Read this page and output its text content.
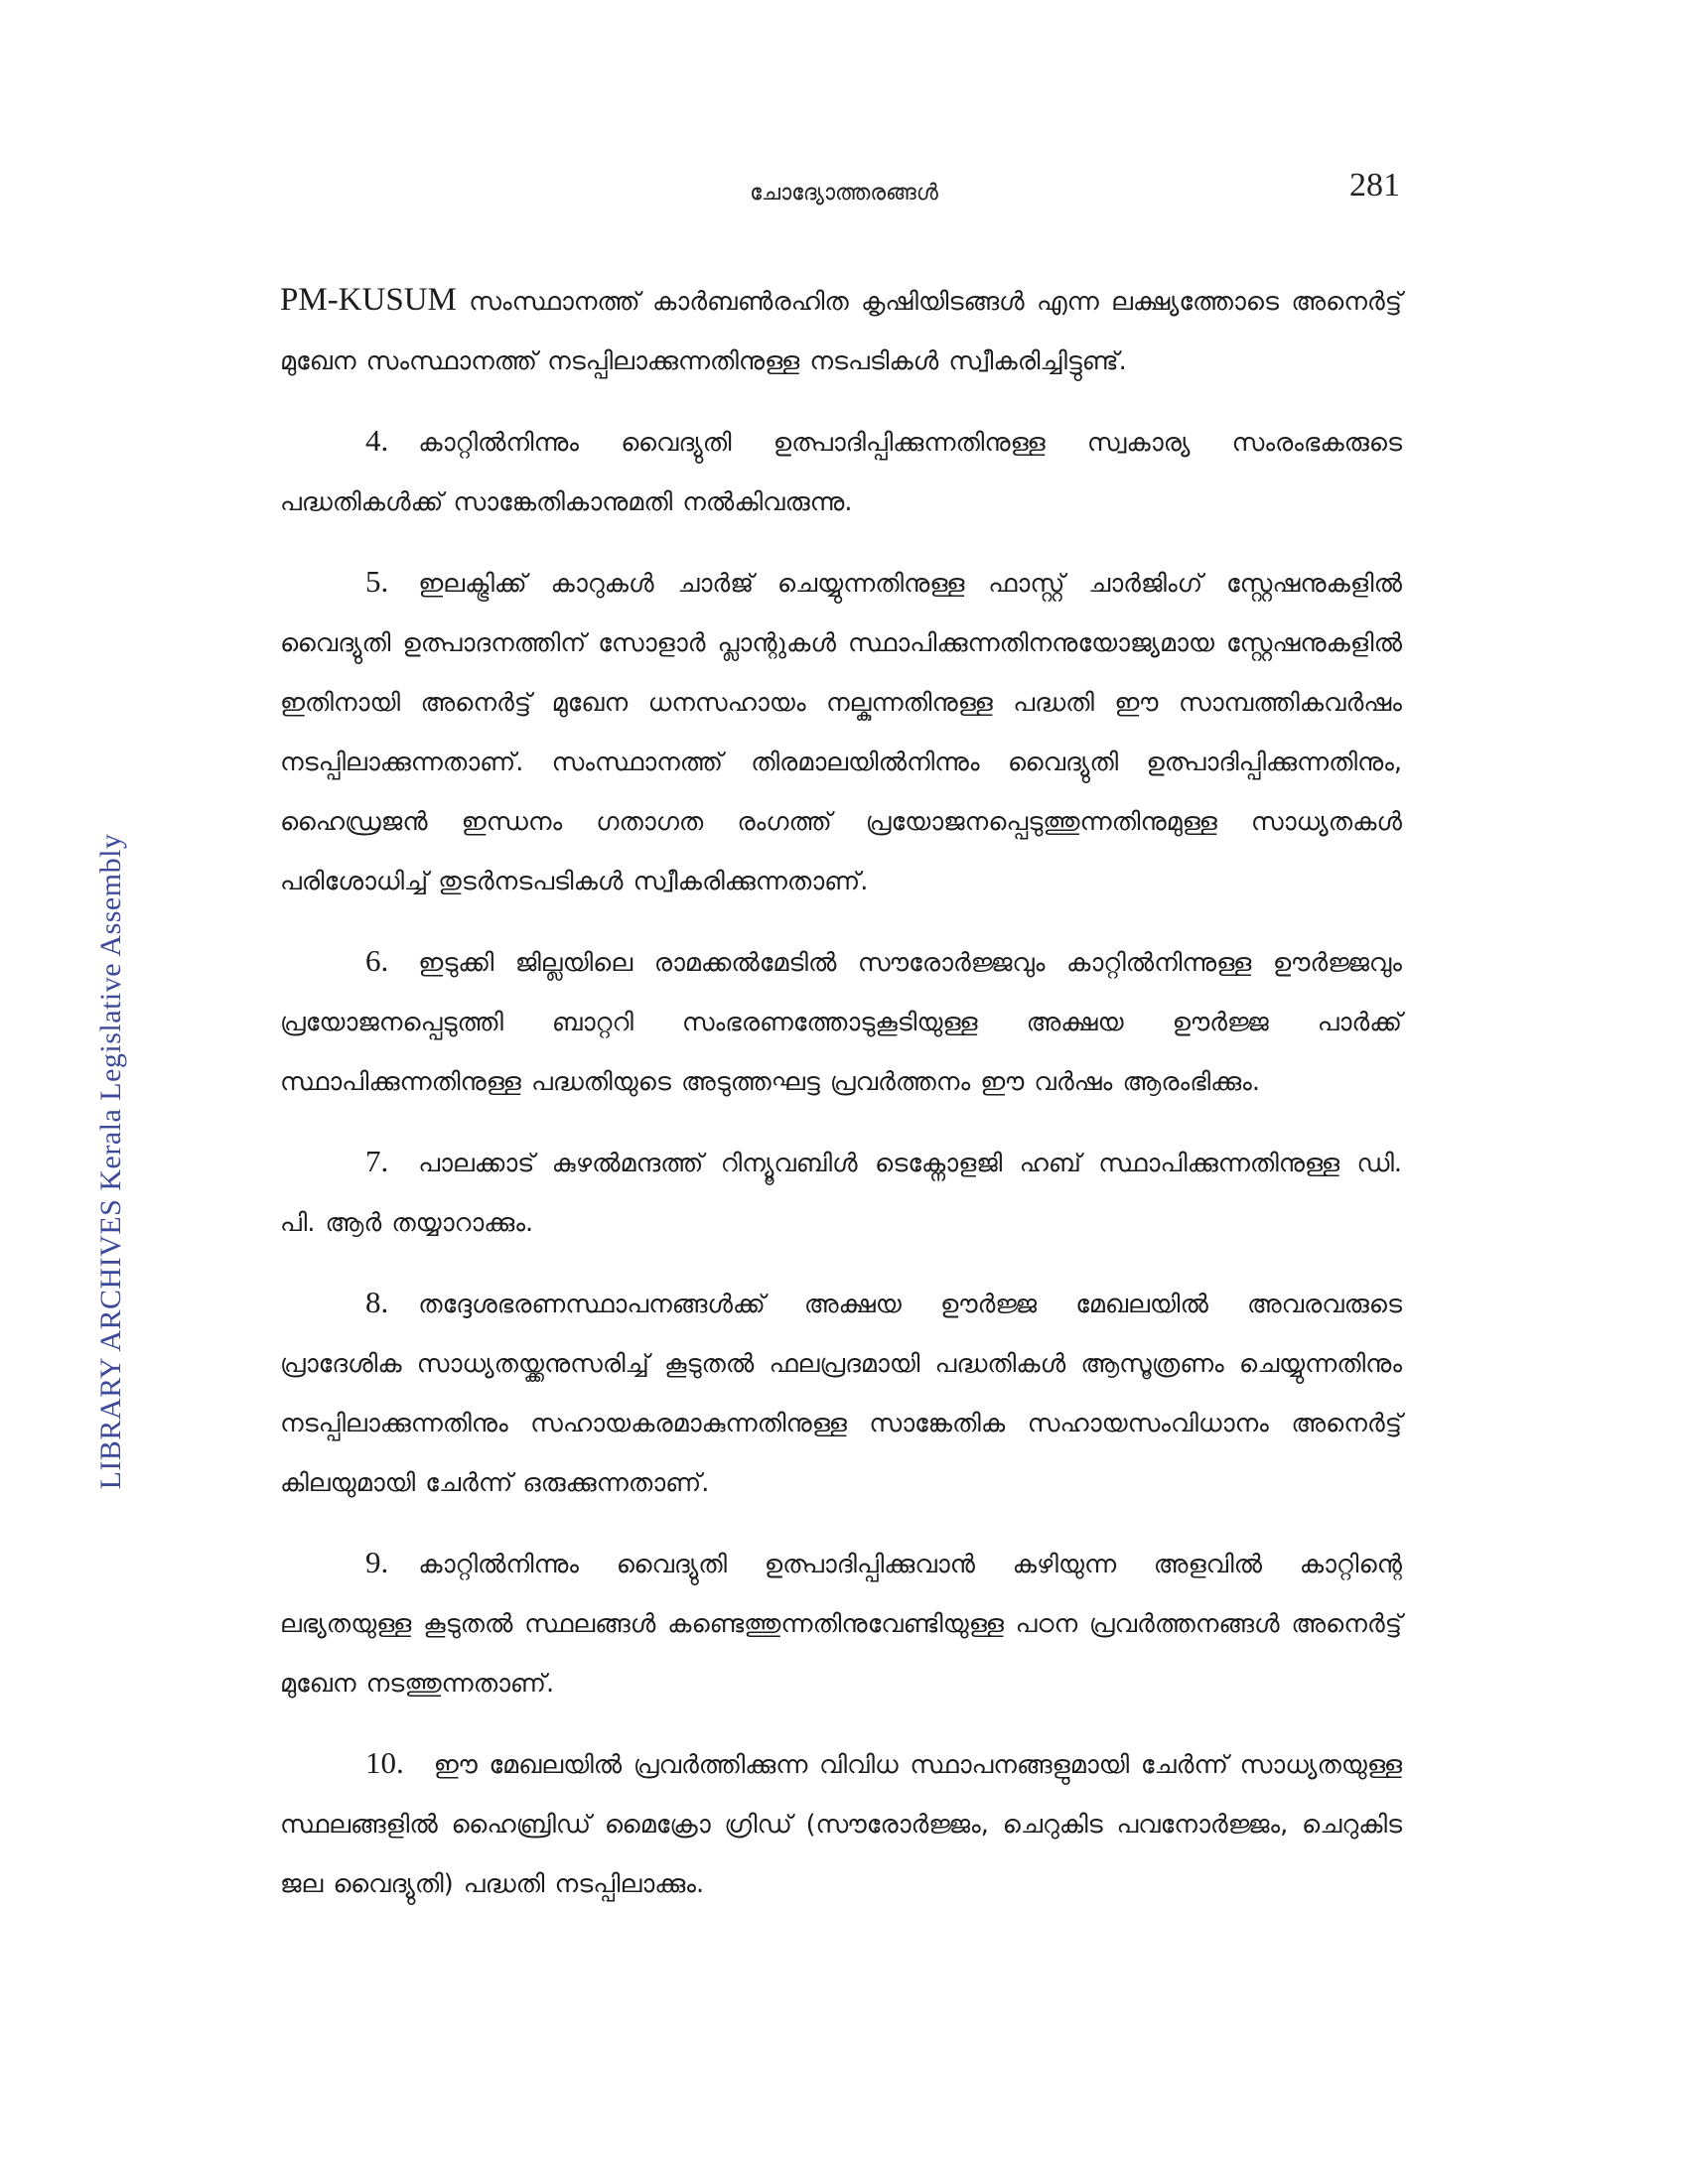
ചോദ്യോത്തരങ്ങൾ	281
LIBRARY ARCHIVES Kerala Legislative Assembly

PM-KUSUM സംസ്ഥാനത്ത് കാർബൺരഹിത കൃഷിയിടങ്ങൾ എന്ന ലക്ഷ്യത്തോടെ അനെർട്ട് മുഖേന സംസ്ഥാനത്ത് നടപ്പിലാക്കുന്നതിനുള്ള നടപടികൾ സ്വീകരിച്ചിട്ടുണ്ട്.

4. കാറ്റിൽനിന്നും വൈദ്യുതി ഉത്പാദിപ്പിക്കുന്നതിനുള്ള സ്വകാര്യ സംരംഭകരുടെ പദ്ധതികൾക്ക് സാങ്കേതികാനുമതി നൽകിവരുന്നു.

5. ഇലക്ട്രിക്ക് കാറുകൾ ചാർജ് ചെയ്യുന്നതിനുള്ള ഫാസ്റ്റ് ചാർജിംഗ് സ്റ്റേഷനുകളിൽ വൈദ്യുതി ഉത്പാദനത്തിന് സോളാർ പ്ലാന്റുകൾ സ്ഥാപിക്കുന്നതിനനുയോജ്യമായ സ്റ്റേഷനുകളിൽ ഇതിനായി അനെർട്ട് മുഖേന ധനസഹായം നല്കുന്നതിനുള്ള പദ്ധതി ഈ സാമ്പത്തികവർഷം നടപ്പിലാക്കുന്നതാണ്. സംസ്ഥാനത്ത് തിരമാലയിൽനിന്നും വൈദ്യുതി ഉത്പാദിപ്പിക്കുന്നതിനും, ഹൈഡ്രജൻ ഇന്ധനം ഗതാഗത രംഗത്ത് പ്രയോജനപ്പെടുത്തുന്നതിനുമുള്ള സാധ്യതകൾ പരിശോധിച്ച് തുടർനടപടികൾ സ്വീകരിക്കുന്നതാണ്.

6. ഇടുക്കി ജില്ലയിലെ രാമക്കൽമേടിൽ സൗരോർജ്ജവും കാറ്റിൽനിന്നുള്ള ഊർജ്ജവും പ്രയോജനപ്പെടുത്തി ബാറ്ററി സംഭരണത്തോടുകൂടിയുള്ള അക്ഷയ ഊർജ്ജ പാർക്ക് സ്ഥാപിക്കുന്നതിനുള്ള പദ്ധതിയുടെ അടുത്തഘട്ട പ്രവർത്തനം ഈ വർഷം ആരംഭിക്കും.

7. പാലക്കാട് കുഴൽമന്ദത്ത് റിന്യൂവബിൾ ടെക്നോളജി ഹബ് സ്ഥാപിക്കുന്നതിനുള്ള ഡി. പി. ആർ തയ്യാറാക്കും.

8. തദ്ദേശഭരണസ്ഥാപനങ്ങൾക്ക് അക്ഷയ ഊർജ്ജ മേഖലയിൽ അവരവരുടെ പ്രാദേശിക സാധ്യതയ്ക്കനുസരിച്ച് കൂടുതൽ ഫലപ്രദമായി പദ്ധതികൾ ആസൂത്രണം ചെയ്യുന്നതിനും നടപ്പിലാക്കുന്നതിനും സഹായകരമാകുന്നതിനുള്ള സാങ്കേതിക സഹായസംവിധാനം അനെർട്ട് കിലയുമായി ചേർന്ന് ഒരുക്കുന്നതാണ്.

9. കാറ്റിൽനിന്നും വൈദ്യുതി ഉത്പാദിപ്പിക്കുവാൻ കഴിയുന്ന അളവിൽ കാറ്റിന്റെ ലഭ്യതയുള്ള കൂടുതൽ സ്ഥലങ്ങൾ കണ്ടെത്തുന്നതിനുവേണ്ടിയുള്ള പഠന പ്രവർത്തനങ്ങൾ അനെർട്ട് മുഖേന നടത്തുന്നതാണ്.

10. ഈ മേഖലയിൽ പ്രവർത്തിക്കുന്ന വിവിധ സ്ഥാപനങ്ങളുമായി ചേർന്ന് സാധ്യതയുള്ള സ്ഥലങ്ങളിൽ ഹൈബ്രിഡ് മൈക്രോ ഗ്രിഡ് (സൗരോർജ്ജം, ചെറുകിട പവനോർജ്ജം, ചെറുകിട ജല വൈദ്യുതി) പദ്ധതി നടപ്പിലാക്കും.
